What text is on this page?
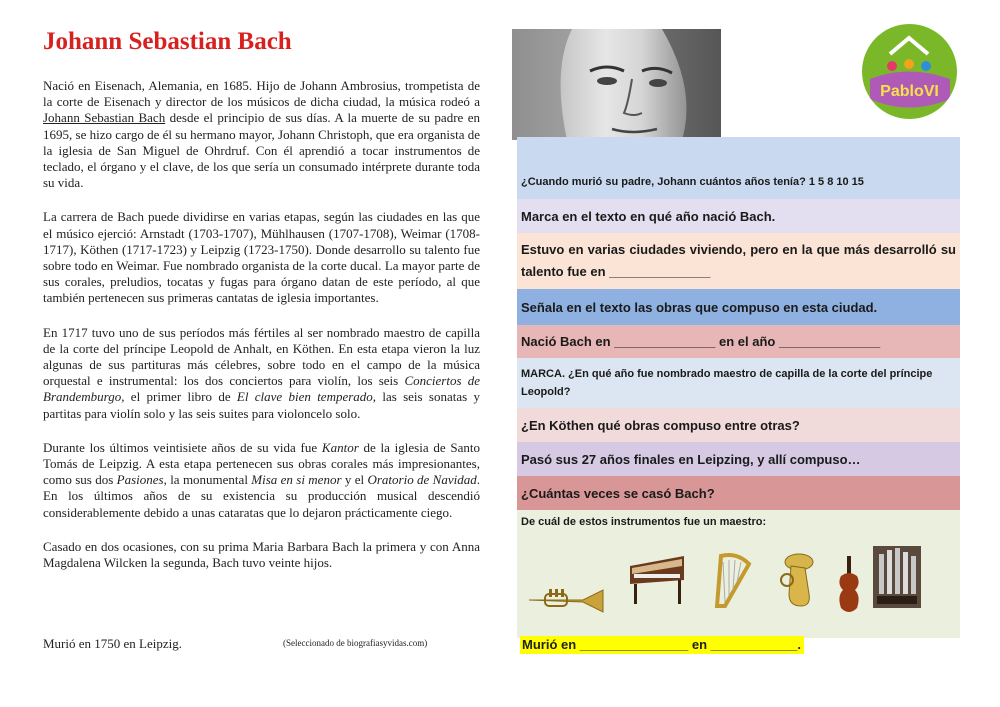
Johann Sebastian Bach

Nació en Eisenach, Alemania, en 1685. Hijo de Johann Ambrosius, trompetista de la corte de Eisenach y director de los músicos de dicha ciudad, la música rodeó a Johann Sebastian Bach desde el principio de sus días. A la muerte de su padre en 1695, se hizo cargo de él su hermano mayor, Johann Christoph, que era organista de la iglesia de San Miguel de Ohrdruf. Con él aprendió a tocar instrumentos de teclado, el órgano y el clave, de los que sería un consumado intérprete durante toda su vida.

La carrera de Bach puede dividirse en varias etapas, según las ciudades en las que el músico ejerció: Arnstadt (1703-1707), Mühlhausen (1707-1708), Weimar (1708-1717), Köthen (1717-1723) y Leipzig (1723-1750). Donde desarrollo su talento fue sobre todo en Weimar. Fue nombrado organista de la corte ducal. La mayor parte de sus corales, preludios, tocatas y fugas para órgano datan de este período, al que también pertenecen sus primeras cantatas de iglesia importantes.

En 1717 tuvo uno de sus períodos más fértiles al ser nombrado maestro de capilla de la corte del príncipe Leopold de Anhalt, en Köthen. En esta etapa vieron la luz algunas de sus partituras más célebres, sobre todo en el campo de la música orquestal e instrumental: los dos conciertos para violín, los seis Conciertos de Brandemburgo, el primer libro de El clave bien temperado, las seis sonatas y partitas para violín solo y las seis suites para violoncelo solo.

Durante los últimos veintisiete años de su vida fue Kantor de la iglesia de Santo Tomás de Leipzig. A esta etapa pertenecen sus obras corales más impresionantes, como sus dos Pasiones, la monumental Misa en si menor y el Oratorio de Navidad. En los últimos años de su existencia su producción musical descendió considerablemente debido a unas cataratas que lo dejaron prácticamente ciego.

Casado en dos ocasiones, con su prima Maria Barbara Bach la primera y con Anna Magdalena Wilcken la segunda, Bach tuvo veinte hijos.

Murió en 1750 en Leipzig.	(Seleccionado de biografiasyvidas.com)
PabloVI
¿Cuando murió su padre, Johann cuántos años tenía? 1 5 8 10 15
Marca en el texto en qué año nació Bach.
Estuvo en varias ciudades viviendo, pero en la que más desarrolló su talento fue en ______________
Señala en el texto las obras que compuso en esta ciudad.
Nació Bach en ______________ en el año ______________
MARCA. ¿En qué año fue nombrado maestro de capilla de la corte del príncipe Leopold?
¿En Köthen qué obras compuso entre otras?
Pasó sus 27 años finales en Leipzing, y allí compuso…
¿Cuántas veces se casó Bach?
De cuál de estos instrumentos fue un maestro:
Murió en _______________ en ____________.
